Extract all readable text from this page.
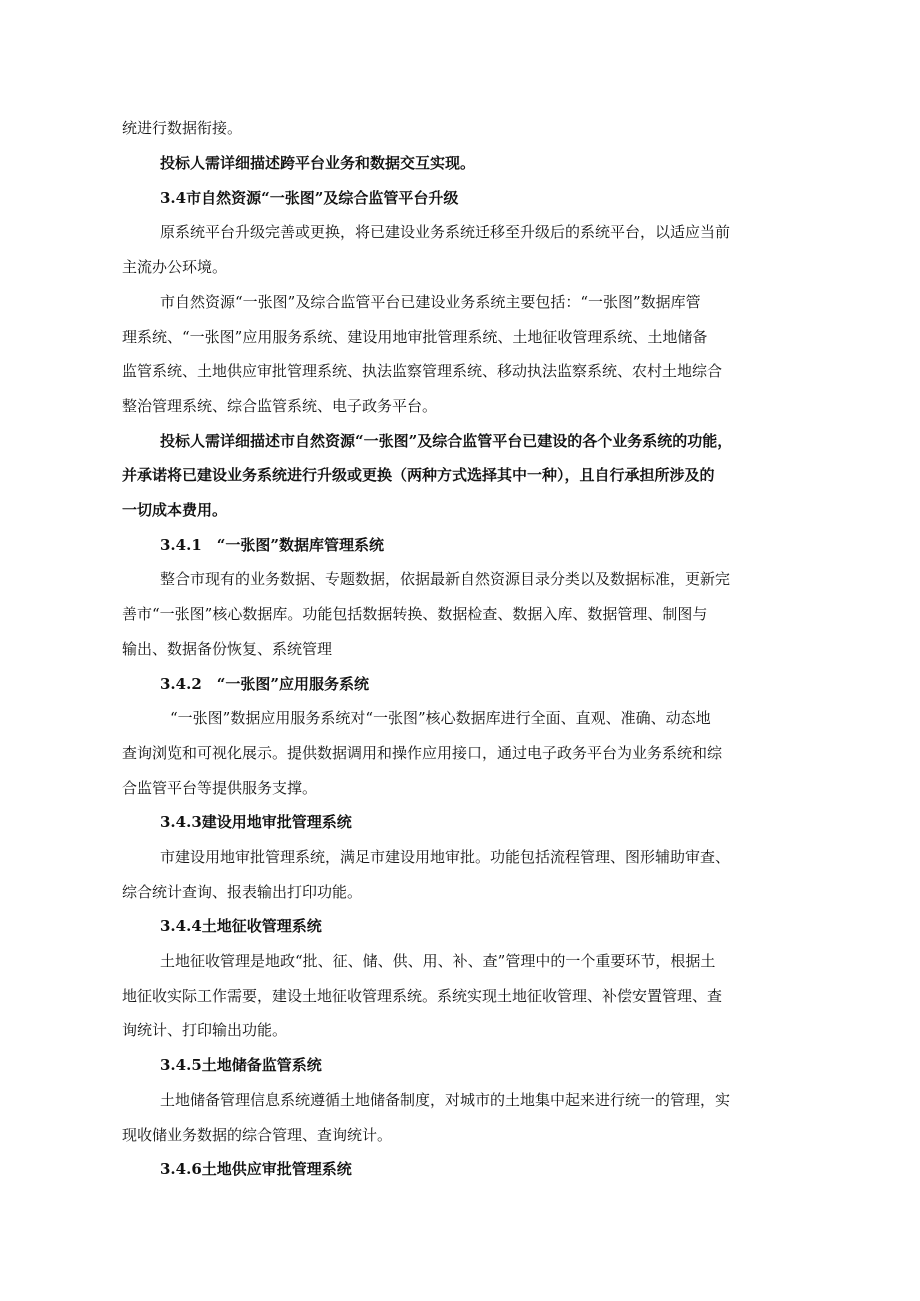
统进行数据衔接。
投标人需详细描述跨平台业务和数据交互实现。
3.4市自然资源“一张图”及综合监管平台升级
原系统平台升级完善或更换，将已建设业务系统迁移至升级后的系统平台，以适应当前
主流办公环境。
市自然资源“一张图”及综合监管平台已建设业务系统主要包括：“一张图”数据库管
理系统、“一张图”应用服务系统、建设用地审批管理系统、土地征收管理系统、土地储备
监管系统、土地供应审批管理系统、执法监察管理系统、移动执法监察系统、农村土地综合
整治管理系统、综合监管系统、电子政务平台。
投标人需详细描述市自然资源“一张图”及综合监管平台已建设的各个业务系统的功能，
并承诺将已建设业务系统进行升级或更换（两种方式选择其中一种），且自行承担所涉及的
一切成本费用。
3.4.1　“一张图”数据库管理系统
整合市现有的业务数据、专题数据，依据最新自然资源目录分类以及数据标准，更新完
善市“一张图”核心数据库。功能包括数据转换、数据检查、数据入库、数据管理、制图与
输出、数据备份恢复、系统管理
3.4.2　“一张图”应用服务系统
“一张图”数据应用服务系统对“一张图”核心数据库进行全面、直观、准确、动态地
查询浏览和可视化展示。提供数据调用和操作应用接口，通过电子政务平台为业务系统和综
合监管平台等提供服务支撑。
3.4.3建设用地审批管理系统
市建设用地审批管理系统，满足市建设用地审批。功能包括流程管理、图形辅助审查、
综合统计查询、报表输出打印功能。
3.4.4土地征收管理系统
土地征收管理是地政“批、征、储、供、用、补、查”管理中的一个重要环节，根据土
地征收实际工作需要，建设土地征收管理系统。系统实现土地征收管理、补偿安置管理、查
询统计、打印输出功能。
3.4.5土地储备监管系统
土地储备管理信息系统遵循土地储备制度，对城市的土地集中起来进行统一的管理，实
现收储业务数据的综合管理、查询统计。
3.4.6土地供应审批管理系统
